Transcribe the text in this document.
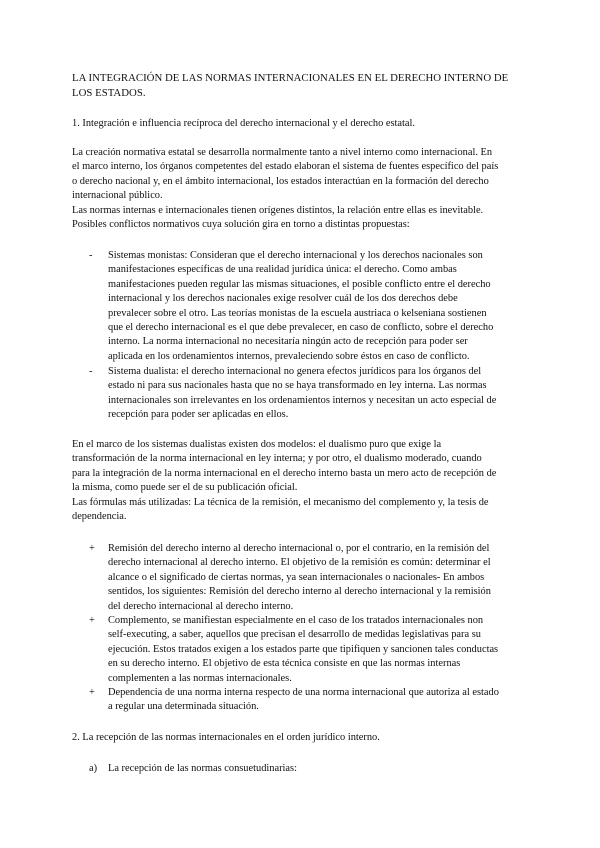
LA INTEGRACIÓN DE LAS NORMAS INTERNACIONALES EN EL DERECHO INTERNO DE
LOS ESTADOS.
1. Integración e influencia recíproca del derecho internacional y el derecho estatal.
La creación normativa estatal se desarrolla normalmente tanto a nivel interno como internacional. En
el marco interno, los órganos competentes del estado elaboran el sistema de fuentes específico del país
o derecho nacional y, en el ámbito internacional, los estados interactúan en la formación del derecho
internacional público.
Las normas internas e internacionales tienen orígenes distintos, la relación entre ellas es inevitable.
Posibles conflictos normativos cuya solución gira en torno a distintas propuestas:
- Sistemas monistas: Consideran que el derecho internacional y los derechos nacionales son
manifestaciones específicas de una realidad jurídica única: el derecho. Como ambas
manifestaciones pueden regular las mismas situaciones, el posible conflicto entre el derecho
internacional y los derechos nacionales exige resolver cuál de los dos derechos debe
prevalecer sobre el otro. Las teorías monistas de la escuela austriaca o kelseniana sostienen
que el derecho internacional es el que debe prevalecer, en caso de conflicto, sobre el derecho
interno. La norma internacional no necesitaría ningún acto de recepción para poder ser
aplicada en los ordenamientos internos, prevaleciendo sobre éstos en caso de conflicto.
- Sistema dualista: el derecho internacional no genera efectos jurídicos para los órganos del
estado ni para sus nacionales hasta que no se haya transformado en ley interna. Las normas
internacionales son irrelevantes en los ordenamientos internos y necesitan un acto especial de
recepción para poder ser aplicadas en ellos.
En el marco de los sistemas dualistas existen dos modelos: el dualismo puro que exige la
transformación de la norma internacional en ley interna; y por otro, el dualismo moderado, cuando
para la integración de la norma internacional en el derecho interno basta un mero acto de recepción de
la misma, como puede ser el de su publicación oficial.
Las fórmulas más utilizadas: La técnica de la remisión, el mecanismo del complemento y, la tesis de
dependencia.
+ Remisión del derecho interno al derecho internacional o, por el contrario, en la remisión del
derecho internacional al derecho interno. El objetivo de la remisión es común: determinar el
alcance o el significado de ciertas normas, ya sean internacionales o nacionales- En ambos
sentidos, los siguientes: Remisión del derecho interno al derecho internacional y la remisión
del derecho internacional al derecho interno.
+ Complemento, se manifiestan especialmente en el caso de los tratados internacionales non
self-executing, a saber, aquellos que precisan el desarrollo de medidas legislativas para su
ejecución. Estos tratados exigen a los estados parte que tipifiquen y sancionen tales conductas
en su derecho interno. El objetivo de esta técnica consiste en que las normas internas
complementen a las normas internacionales.
+ Dependencia de una norma interna respecto de una norma internacional que autoriza al estado
a regular una determinada situación.
2. La recepción de las normas internacionales en el orden jurídico interno.
a) La recepción de las normas consuetudinarias:
